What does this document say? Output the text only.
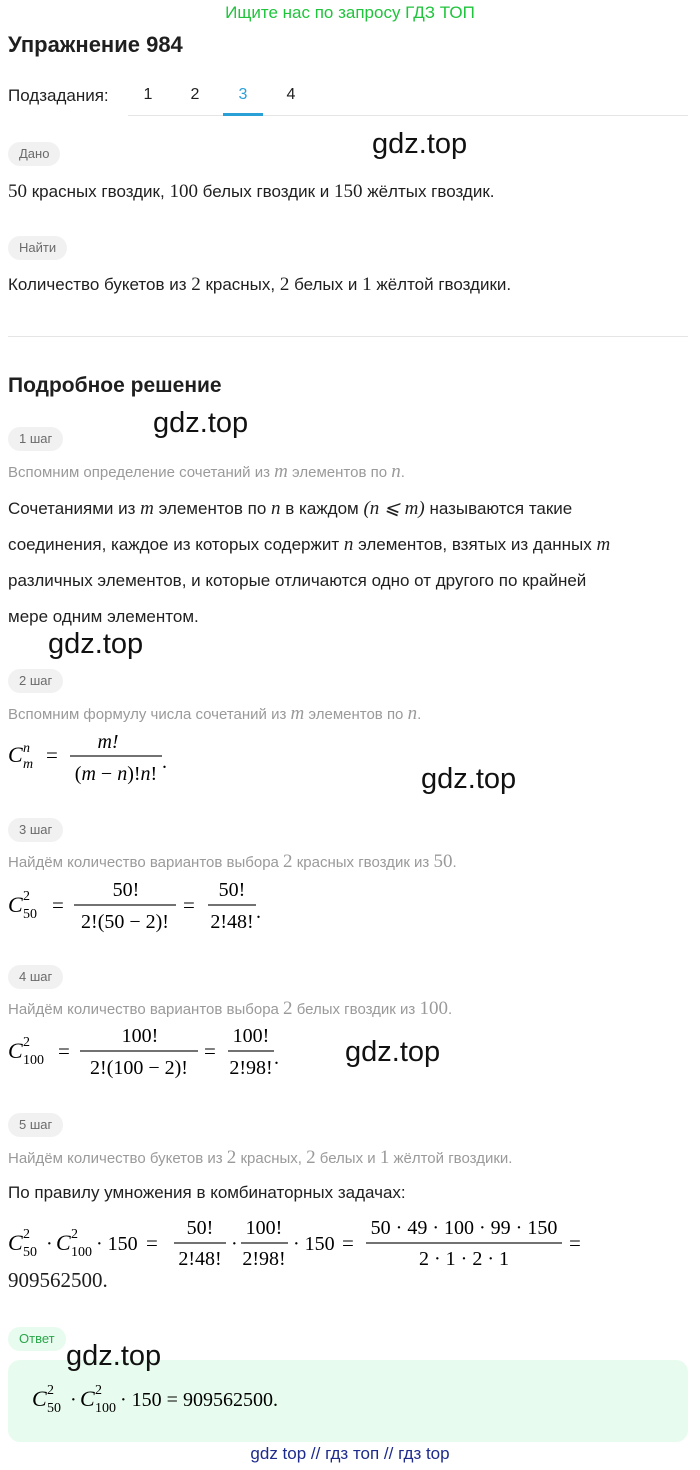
Ищите нас по запросу ГДЗ ТОП
Упражнение 984
Подзадания:	1	2	3	4
Дано	gdz.top
50 красных гвоздик, 100 белых гвоздик и 150 жёлтых гвоздик.
Найти
Количество букетов из 2 красных, 2 белых и 1 жёлтой гвоздики.
Подробное решение
1 шаг	gdz.top
Вспомним определение сочетаний из m элементов по n.
Сочетаниями из m элементов по n в каждом (n ⩽ m) называются такие
соединения, каждое из которых содержит n элементов, взятых из данных m
различных элементов, и которые отличаются одно от другого по крайней
мере одним элементом.
gdz.top
2 шаг
Вспомним формулу числа сочетаний из m элементов по n.
C n
m =
m!
(m − n)!n!
.
gdz.top
3 шаг
Найдём количество вариантов выбора 2 красных гвоздик из 50.
C 2
50 =
50!
2!(50 − 2)!
=
50!
2!48! .
4 шаг
Найдём количество вариантов выбора 2 белых гвоздик из 100.
C 2
100 =
100!
2!(100 − 2)!
=
100!
2!98! . gdz.top
5 шаг
Найдём количество букетов из 2 красных, 2 белых и 1 жёлтой гвоздики.
По правилу умножения в комбинаторных задачах:
C 2
50 · C 2
100 · 150 =
50!
2!48!
·
100!
2!98!
· 150 =
50 · 49 · 100 · 99 · 150
2 · 1 · 2 · 1
=
909562500.
Ответ
gdz.top
C 2
50 · C 2
100 · 150 = 909562500.
gdz top // гдз топ // гдз top
